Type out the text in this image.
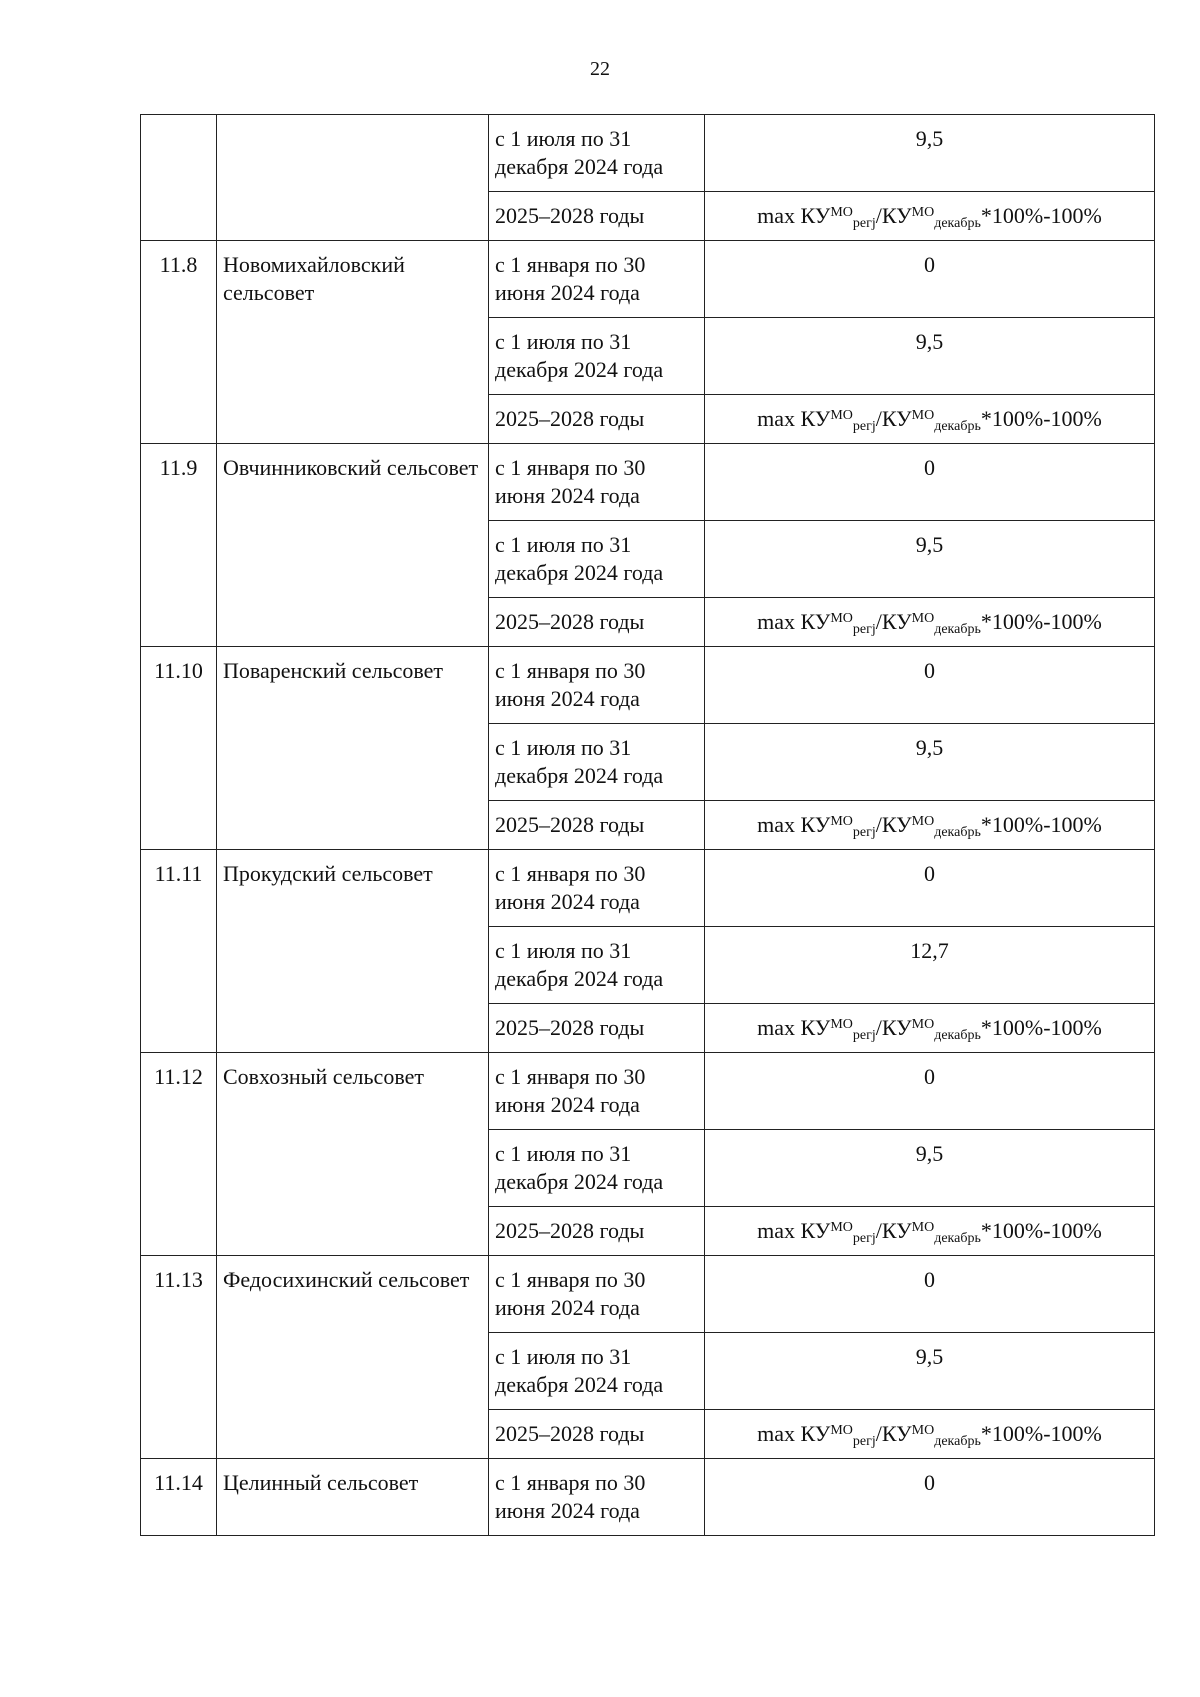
22
		с 1 июля по 31 декабря 2024 года	9,5
		2025–2028 годы	$\max КУ^{МО}_{регj}/КУ^{МО}_{декабрь}*100\%-100\%$
11.8	Новомихайловский сельсовет	с 1 января по 30 июня 2024 года	0
		с 1 июля по 31 декабря 2024 года	9,5
		2025–2028 годы	$\max КУ^{МО}_{регj}/КУ^{МО}_{декабрь}*100\%-100\%$
11.9	Овчинниковский сельсовет	с 1 января по 30 июня 2024 года	0
		с 1 июля по 31 декабря 2024 года	9,5
		2025–2028 годы	$\max КУ^{МО}_{регj}/КУ^{МО}_{декабрь}*100\%-100\%$
11.10	Поваренский сельсовет	с 1 января по 30 июня 2024 года	0
		с 1 июля по 31 декабря 2024 года	9,5
		2025–2028 годы	$\max КУ^{МО}_{регj}/КУ^{МО}_{декабрь}*100\%-100\%$
11.11	Прокудский сельсовет	с 1 января по 30 июня 2024 года	0
		с 1 июля по 31 декабря 2024 года	12,7
		2025–2028 годы	$\max КУ^{МО}_{регj}/КУ^{МО}_{декабрь}*100\%-100\%$
11.12	Совхозный сельсовет	с 1 января по 30 июня 2024 года	0
		с 1 июля по 31 декабря 2024 года	9,5
		2025–2028 годы	$\max КУ^{МО}_{регj}/КУ^{МО}_{декабрь}*100\%-100\%$
11.13	Федосихинский сельсовет	с 1 января по 30 июня 2024 года	0
		с 1 июля по 31 декабря 2024 года	9,5
		2025–2028 годы	$\max КУ^{МО}_{регj}/КУ^{МО}_{декабрь}*100\%-100\%$
11.14	Целинный сельсовет	с 1 января по 30 июня 2024 года	0
